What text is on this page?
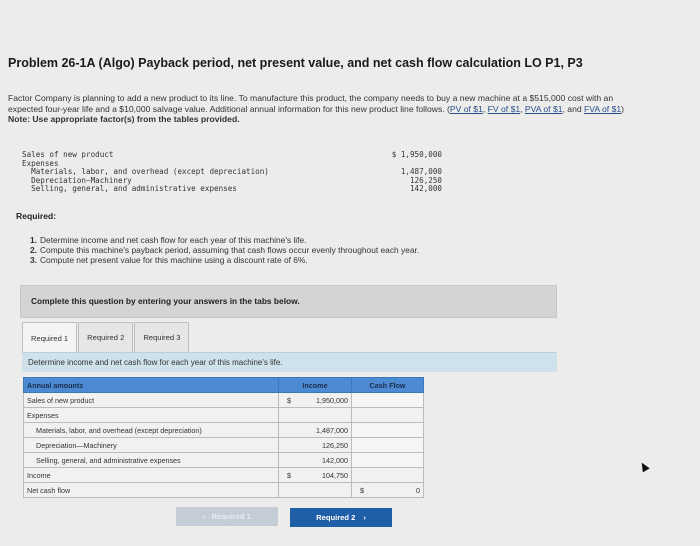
Problem 26-1A (Algo) Payback period, net present value, and net cash flow calculation LO P1, P3
Factor Company is planning to add a new product to its line. To manufacture this product, the company needs to buy a new machine at a $515,000 cost with an expected four-year life and a $10,000 salvage value. Additional annual information for this new product line follows. (PV of $1, FV of $1, PVA of $1, and FVA of $1)
Note: Use appropriate factor(s) from the tables provided.
Sales of new product	$ 1,950,000
Expenses
Materials, labor, and overhead (except depreciation)	1,487,000
Depreciation—Machinery	126,250
Selling, general, and administrative expenses	142,000
Required:
1. Determine income and net cash flow for each year of this machine's life.
2. Compute this machine's payback period, assuming that cash flows occur evenly throughout each year.
3. Compute net present value for this machine using a discount rate of 6%.
Complete this question by entering your answers in the tabs below.
Required 1	Required 2	Required 3
Determine income and net cash flow for each year of this machine's life.
Annual amounts	Income	Cash Flow
Sales of new product	$ 1,950,000	
Expenses		
Materials, labor, and overhead (except depreciation)	1,487,000	
Depreciation—Machinery	126,250	
Selling, general, and administrative expenses	142,000	
Income	$ 104,750	
Net cash flow		$ 0
‹ Required 1	Required 2 ›
